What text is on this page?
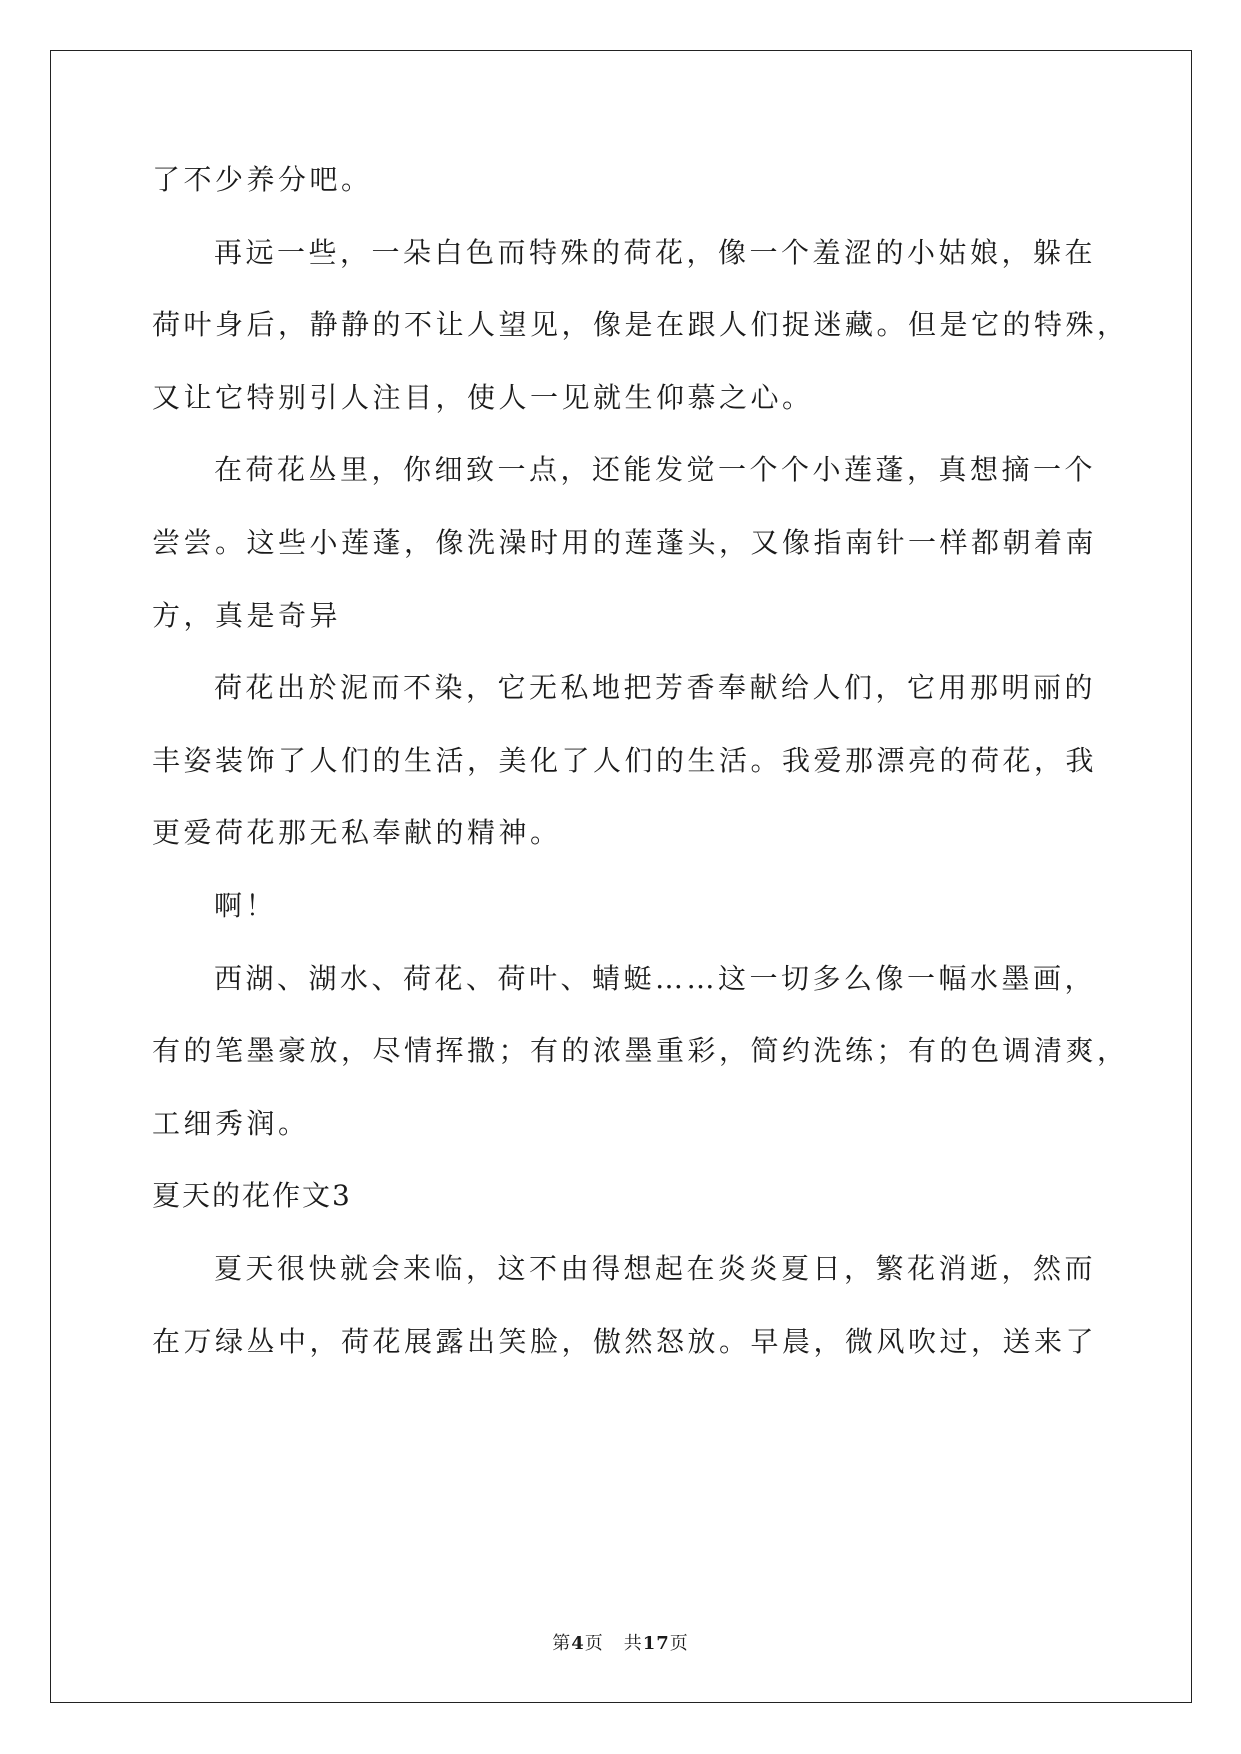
了不少养分吧。
再远一些，一朵白色而特殊的荷花，像一个羞涩的小姑娘，躲在
荷叶身后，静静的不让人望见，像是在跟人们捉迷藏。但是它的特殊，
又让它特别引人注目，使人一见就生仰慕之心。
在荷花丛里，你细致一点，还能发觉一个个小莲蓬，真想摘一个
尝尝。这些小莲蓬，像洗澡时用的莲蓬头，又像指南针一样都朝着南
方，真是奇异
荷花出於泥而不染，它无私地把芳香奉献给人们，它用那明丽的
丰姿装饰了人们的生活，美化了人们的生活。我爱那漂亮的荷花，我
更爱荷花那无私奉献的精神。
啊！
西湖、湖水、荷花、荷叶、蜻蜓……这一切多么像一幅水墨画，
有的笔墨豪放，尽情挥撒；有的浓墨重彩，简约洗练；有的色调清爽，
工细秀润。
夏天的花作文3
夏天很快就会来临，这不由得想起在炎炎夏日，繁花消逝，然而
在万绿丛中，荷花展露出笑脸，傲然怒放。早晨，微风吹过，送来了
第4页 共17页
